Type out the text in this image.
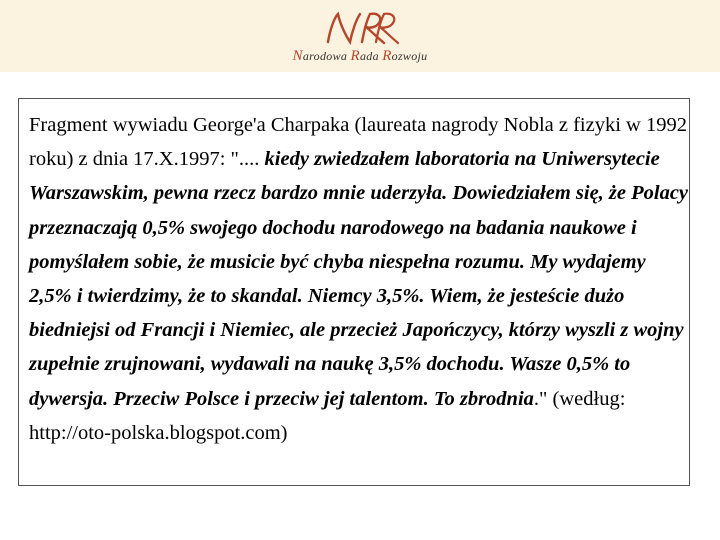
Narodowa Rada Rozwoju

Fragment wywiadu George'a Charpaka (laureata nagrody Nobla z fizyki w 1992 roku) z dnia 17.X.1997: ".... kiedy zwiedzałem laboratoria na Uniwersytecie Warszawskim, pewna rzecz bardzo mnie uderzyła. Dowiedziałem się, że Polacy przeznaczają 0,5% swojego dochodu narodowego na badania naukowe i pomyślałem sobie, że musicie być chyba niespełna rozumu. My wydajemy 2,5% i twierdzimy, że to skandal. Niemcy 3,5%. Wiem, że jesteście dużo biedniejsi od Francji i Niemiec, ale przecież Japończycy, którzy wyszli z wojny zupełnie zrujnowani, wydawali na naukę 3,5% dochodu. Wasze 0,5% to dywersja. Przeciw Polsce i przeciw jej talentom. To zbrodnia." (według: http://oto-polska.blogspot.com)
